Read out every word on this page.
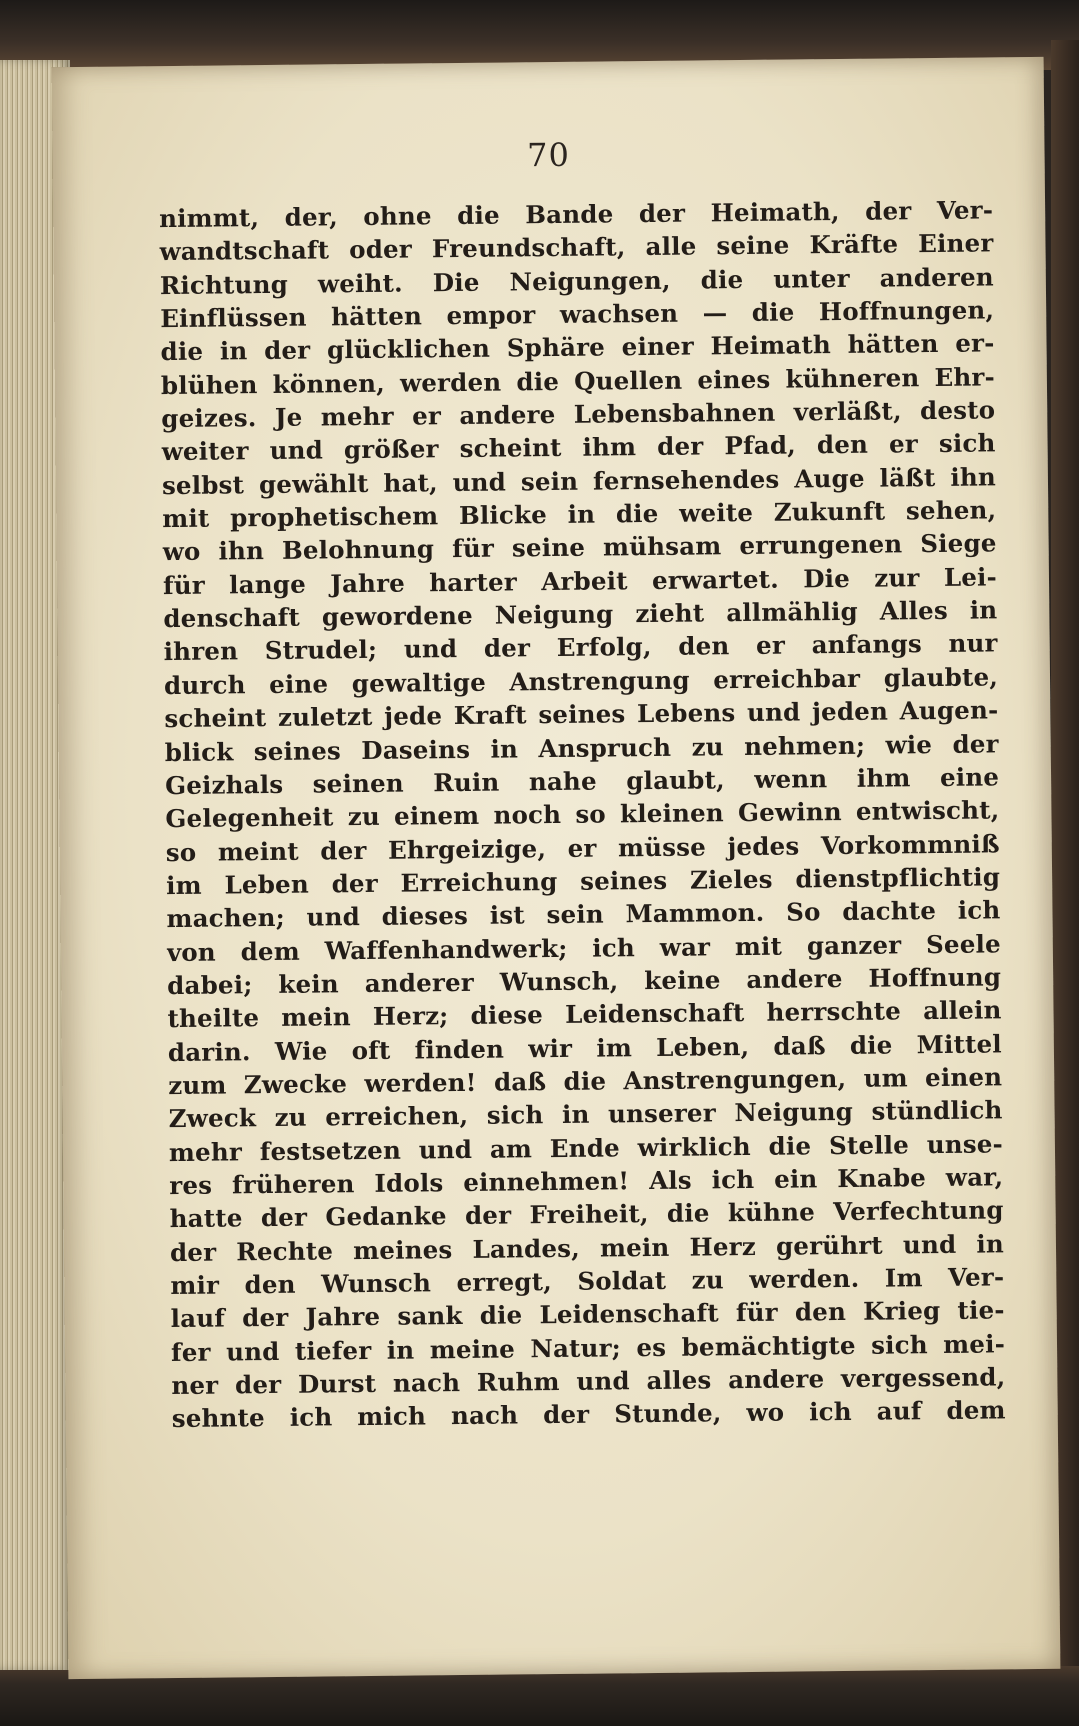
70
nimmt, der, ohne die Bande der Heimath, der Ver-
wandtschaft oder Freundschaft, alle seine Kräfte Einer
Richtung weiht. Die Neigungen, die unter anderen
Einflüssen hätten empor wachsen — die Hoffnungen,
die in der glücklichen Sphäre einer Heimath hätten er-
blühen können, werden die Quellen eines kühneren Ehr-
geizes. Je mehr er andere Lebensbahnen verläßt, desto
weiter und größer scheint ihm der Pfad, den er sich
selbst gewählt hat, und sein fernsehendes Auge läßt ihn
mit prophetischem Blicke in die weite Zukunft sehen,
wo ihn Belohnung für seine mühsam errungenen Siege
für lange Jahre harter Arbeit erwartet. Die zur Lei-
denschaft gewordene Neigung zieht allmählig Alles in
ihren Strudel; und der Erfolg, den er anfangs nur
durch eine gewaltige Anstrengung erreichbar glaubte,
scheint zuletzt jede Kraft seines Lebens und jeden Augen-
blick seines Daseins in Anspruch zu nehmen; wie der
Geizhals seinen Ruin nahe glaubt, wenn ihm eine
Gelegenheit zu einem noch so kleinen Gewinn entwischt,
so meint der Ehrgeizige, er müsse jedes Vorkommniß
im Leben der Erreichung seines Zieles dienstpflichtig
machen; und dieses ist sein Mammon. So dachte ich
von dem Waffenhandwerk; ich war mit ganzer Seele
dabei; kein anderer Wunsch, keine andere Hoffnung
theilte mein Herz; diese Leidenschaft herrschte allein
darin. Wie oft finden wir im Leben, daß die Mittel
zum Zwecke werden! daß die Anstrengungen, um einen
Zweck zu erreichen, sich in unserer Neigung stündlich
mehr festsetzen und am Ende wirklich die Stelle unse-
res früheren Idols einnehmen! Als ich ein Knabe war,
hatte der Gedanke der Freiheit, die kühne Verfechtung
der Rechte meines Landes, mein Herz gerührt und in
mir den Wunsch erregt, Soldat zu werden. Im Ver-
lauf der Jahre sank die Leidenschaft für den Krieg tie-
fer und tiefer in meine Natur; es bemächtigte sich mei-
ner der Durst nach Ruhm und alles andere vergessend,
sehnte ich mich nach der Stunde, wo ich auf dem
